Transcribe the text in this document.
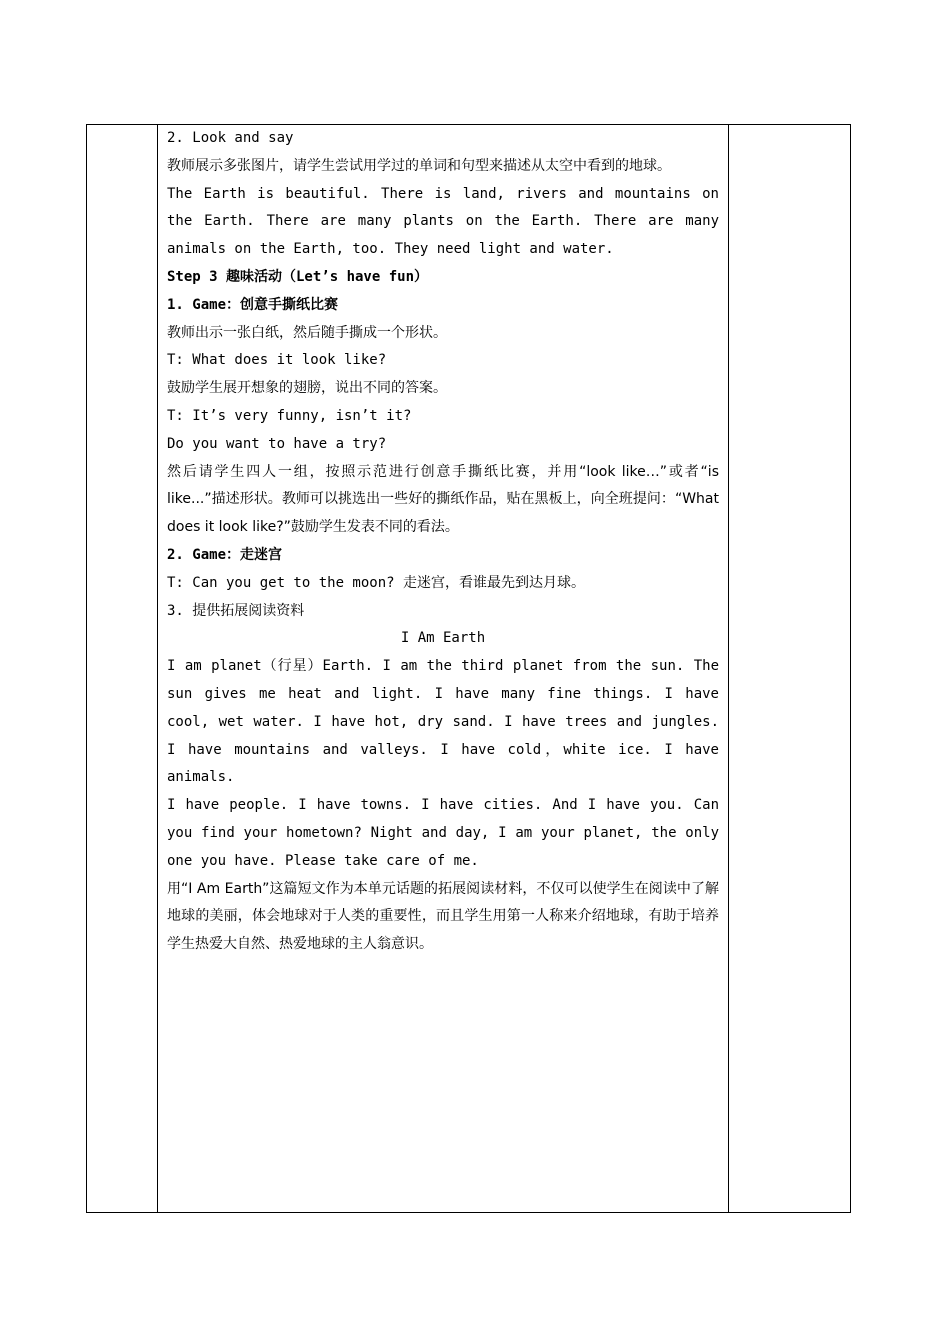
2. Look and say

教师展示多张图片，请学生尝试用学过的单词和句型来描述从太空中看到的地球。

The Earth is beautiful. There is land, rivers and mountains on the Earth. There are many plants on the Earth. There are many animals on the Earth, too. They need light and water.

Step 3 趣味活动（Let’s have fun）

1. Game：创意手撕纸比赛

教师出示一张白纸，然后随手撕成一个形状。

T: What does it look like?

鼓励学生展开想象的翅膀，说出不同的答案。

T: It’s very funny, isn’t it?

Do you want to have a try?

然后请学生四人一组，按照示范进行创意手撕纸比赛，并用“look like…”或者“is like...”描述形状。教师可以挑选出一些好的撕纸作品，贴在黑板上，向全班提问：“What does it look like?”鼓励学生发表不同的看法。

2. Game：走迷宫

T: Can you get to the moon? 走迷宫，看谁最先到达月球。

3. 提供拓展阅读资料

I Am Earth

I am planet（行星）Earth. I am the third planet from the sun. The sun gives me heat and light. I have many fine things. I have cool, wet water. I have hot, dry sand. I have trees and jungles. I have mountains and valleys. I have cold，white ice. I have animals.

I have people. I have towns. I have cities. And I have you. Can you find your hometown? Night and day, I am your planet, the only one you have. Please take care of me.

用“I Am Earth”这篇短文作为本单元话题的拓展阅读材料，不仅可以使学生在阅读中了解地球的美丽，体会地球对于人类的重要性，而且学生用第一人称来介绍地球，有助于培养学生热爱大自然、热爱地球的主人翁意识。
